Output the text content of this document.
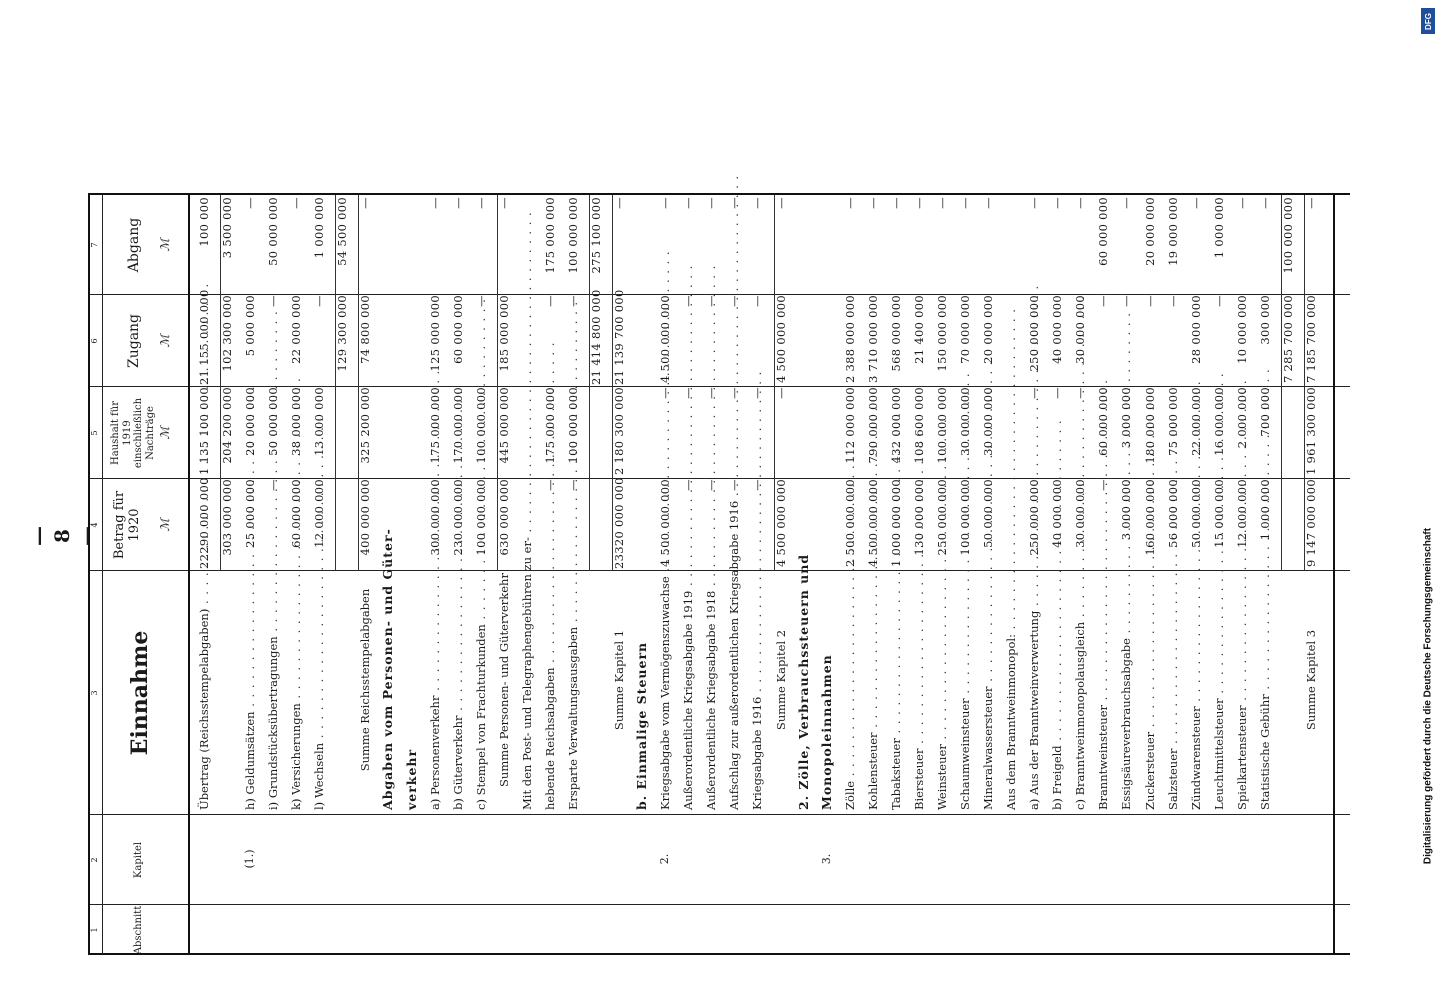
— 8 —
DFG
Digitalisierung gefördert durch die Deutsche Forschungsgemeinschaft
1
2
3
4
5
6
7
Abschnitt
Kapitel
Einnahme
Betrag für 1920
Haushalt für 1919 einschließlich Nachträge
Zugang
Abgang
ℳ
ℳ
ℳ
ℳ
Übertrag (Reichsstempelabgaben) . . .
22290 000 000
1 135 100 000
21 155 000 000
100 000
303 000 000
204 200 000
102 300 000
3 500 000
(1.)
h) Geldumsätzen . . .
25 000 000
20 000 000
5 000 000
—
i) Grundstücksübertragungen . . .
—
50 000 000
—
50 000 000
k) Versicherungen . . .
60 000 000
38 000 000
22 000 000
—
l) Wechseln . . .
12 000 000
13 000 000
—
1 000 000
129 300 000
54 500 000
Summe Reichsstempelabgaben
400 000 000
325 200 000
74 800 000
—
Abgaben vom Personen- und Güter- verkehr a) Personenverkehr . . .
300 000 000
175 000 000
125 000 000
—
b) Güterverkehr . . .
230 000 000
170 000 000
60 000 000
—
c) Stempel von Frachturkunden . . .
100 000 000
100 000 000
—
—
Summe Personen- und Güterverkehr
630 000 000
445 000 000
185 000 000
—
Mit den Post- und Telegraphengebühren zu er- . . . hebende Reichsabgaben . . .
—
175 000 000
—
175 000 000
Ersparte Verwaltungsausgaben . . .
—
100 000 000
—
100 000 000
21 414 800 000
275 100 000
Summe Kapitel 1
23320 000 000
2 180 300 000
21 139 700 000
—
b. Einmalige Steuern
2.
Kriegsabgabe vom Vermögenszuwachse . . .
4 500 000 000
—
4 500 000 000
—
Außerordentliche Kriegsabgabe 1919 . . .
—
—
—
—
Außerordentliche Kriegsabgabe 1918 . . .
—
—
—
—
Aufschlag zur außerordentlichen Kriegsabgabe 1916 . . .
—
—
—
—
Kriegsabgabe 1916 . . .
—
—
—
—
Summe Kapitel 2
4 500 000 000
—
4 500 000 000
—
2. Zölle, Verbrauchssteuern und
3.
Monopoleinnahmen Zölle . . .
2 500 000 000
112 000 000
2 388 000 000
—
Kohlensteuer . . .
4 500 000 000
790 000 000
3 710 000 000
—
Tabaksteuer . . .
1 000 000 000
432 000 000
568 000 000
—
Biersteuer . . .
130 000 000
108 600 000
21 400 000
—
Weinsteuer . . .
250 000 000
100 000 000
150 000 000
—
Schaumweinsteuer . . .
100 000 000
30 000 000
70 000 000
—
Mineralwassersteuer . . .
50 000 000
30 000 000
20 000 000
—
Aus dem Branntweinmonopol: . . . a) Aus der Branntweinverwertung . . .
250 000 000
—
250 000 000
—
b) Freigeld . . .
40 000 000
—
40 000 000
—
c) Branntweinmonopolausgleich . . .
30 000 000
—
30 000 000
—
Branntweinsteuer . . .
—
60 000 000
—
60 000 000
Essigsäureverbrauchsabgabe . . .
3 000 000
3 000 000
—
—
Zuckersteuer . . .
160 000 000
180 000 000
—
20 000 000
Salzsteuer . . .
56 000 000
75 000 000
—
19 000 000
Zündwarensteuer . . .
50 000 000
22 000 000
28 000 000
—
Leuchtmittelsteuer . . .
15 000 000
16 000 000
—
1 000 000
Spielkartensteuer . . .
12 000 000
2 000 000
10 000 000
—
Statistische Gebühr . . .
1 000 000
700 000
300 000
—
7 285 700 000
100 000 000
Summe Kapitel 3
9 147 000 000
1 961 300 000
7 185 700 000
—
